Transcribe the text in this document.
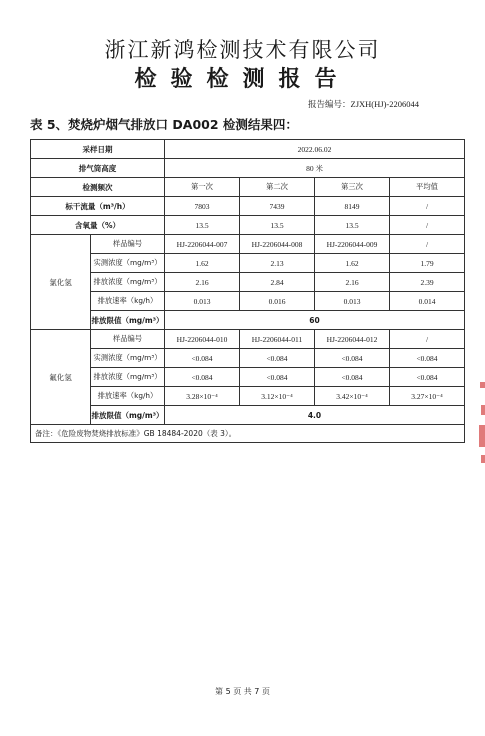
浙江新鸿检测技术有限公司
检验检测报告
报告编号：ZJXH(HJ)-2206044
表 5、焚烧炉烟气排放口 DA002 检测结果四：
采样日期		2022.06.02			
排气筒高度		80 米			
检测频次		第一次	第二次	第三次	平均值
标干流量（m³/h）		7803	7439	8149	/
含氧量（%）		13.5	13.5	13.5	/
氯化氢	样品编号	HJ-2206044-007	HJ-2206044-008	HJ-2206044-009	/
	实测浓度（mg/m³）	1.62	2.13	1.62	1.79
	排放浓度（mg/m³）	2.16	2.84	2.16	2.39
	排放速率（kg/h）	0.013	0.016	0.013	0.014
	排放限值（mg/m³）	60			
氟化氢	样品编号	HJ-2206044-010	HJ-2206044-011	HJ-2206044-012	/
	实测浓度（mg/m³）	<0.084	<0.084	<0.084	<0.084
	排放浓度（mg/m³）	<0.084	<0.084	<0.084	<0.084
	排放速率（kg/h）	3.28×10⁻⁴	3.12×10⁻⁴	3.42×10⁻⁴	3.27×10⁻⁴
	排放限值（mg/m³）	4.0			
备注：《危险废物焚烧排放标准》GB 18484-2020（表 3）。					
第 5 页 共 7 页
